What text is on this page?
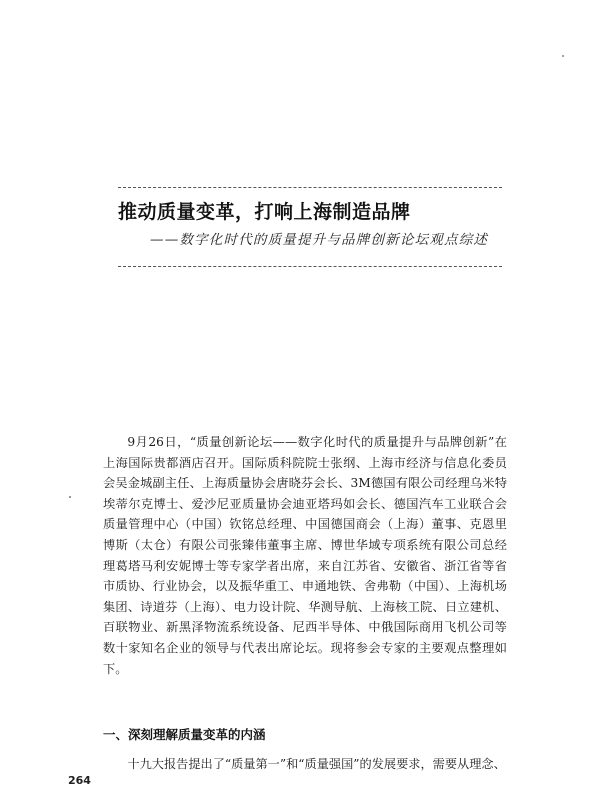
推动质量变革，打响上海制造品牌
——数字化时代的质量提升与品牌创新论坛观点综述

9月26日，“质量创新论坛——数字化时代的质量提升与品牌创新”在上海国际贵都酒店召开。国际质科院院士张纲、上海市经济与信息化委员会吴金城副主任、上海质量协会唐晓芬会长、3M德国有限公司经理乌米特埃蒂尔克博士、爱沙尼亚质量协会迪亚塔玛如会长、德国汽车工业联合会质量管理中心（中国）钦铭总经理、中国德国商会（上海）董事、克恩里博斯（太仓）有限公司张臻伟董事主席、博世华域专项系统有限公司总经理葛塔马利安妮博士等专家学者出席，来自江苏省、安徽省、浙江省等省市质协、行业协会，以及振华重工、申通地铁、舍弗勒（中国）、上海机场集团、诗道芬（上海）、电力设计院、华测导航、上海核工院、日立建机、百联物业、新黑泽物流系统设备、尼西半导体、中俄国际商用飞机公司等数十家知名企业的领导与代表出席论坛。现将参会专家的主要观点整理如下。

一、深刻理解质量变革的内涵

十九大报告提出了“质量第一”和“质量强国”的发展要求，需要从理念、

264
